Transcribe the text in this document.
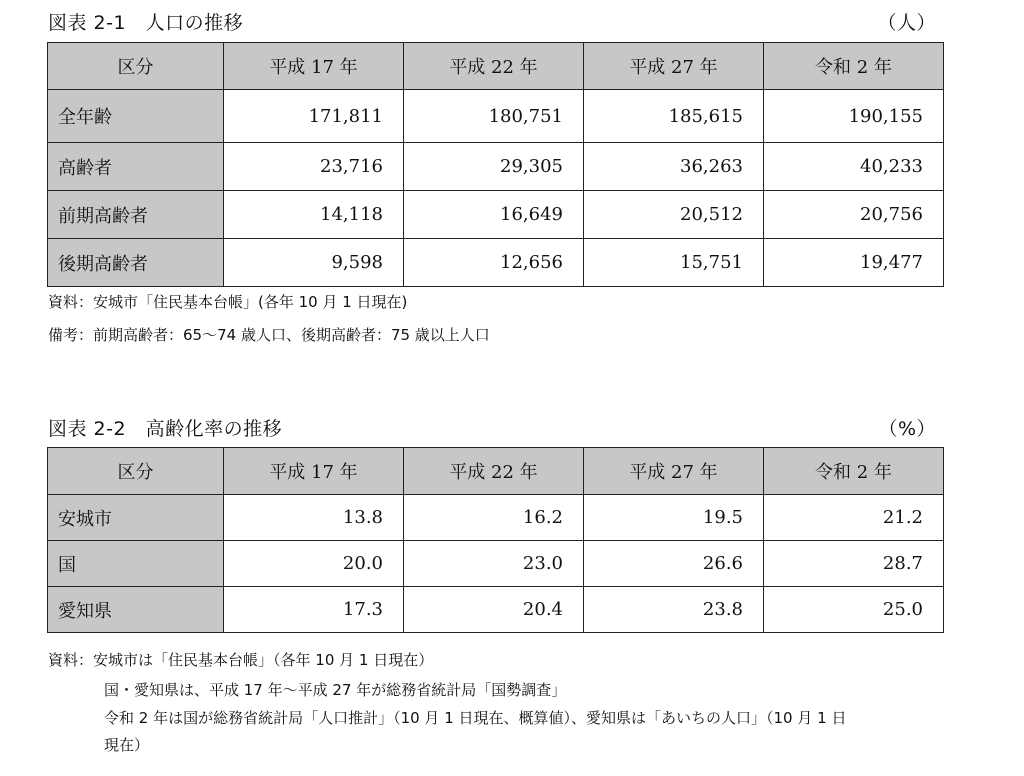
図表 2-1　人口の推移	（人）
区分	平成 17 年	平成 22 年	平成 27 年	令和 2 年
全年齢	171,811	180,751	185,615	190,155
高齢者	23,716	29,305	36,263	40,233
前期高齢者	14,118	16,649	20,512	20,756
後期高齢者	9,598	12,656	15,751	19,477
資料：安城市「住民基本台帳」(各年 10 月 1 日現在)
備考：前期高齢者：65〜74 歳人口、後期高齢者：75 歳以上人口
図表 2-2　高齢化率の推移	（%）
区分	平成 17 年	平成 22 年	平成 27 年	令和 2 年
安城市	13.8	16.2	19.5	21.2
国	20.0	23.0	26.6	28.7
愛知県	17.3	20.4	23.8	25.0
資料：安城市は「住民基本台帳」（各年 10 月 1 日現在）
国・愛知県は、平成 17 年〜平成 27 年が総務省統計局「国勢調査」
令和 2 年は国が総務省統計局「人口推計」（10 月 1 日現在、概算値）、愛知県は「あいちの人口」（10 月 1 日
現在）
